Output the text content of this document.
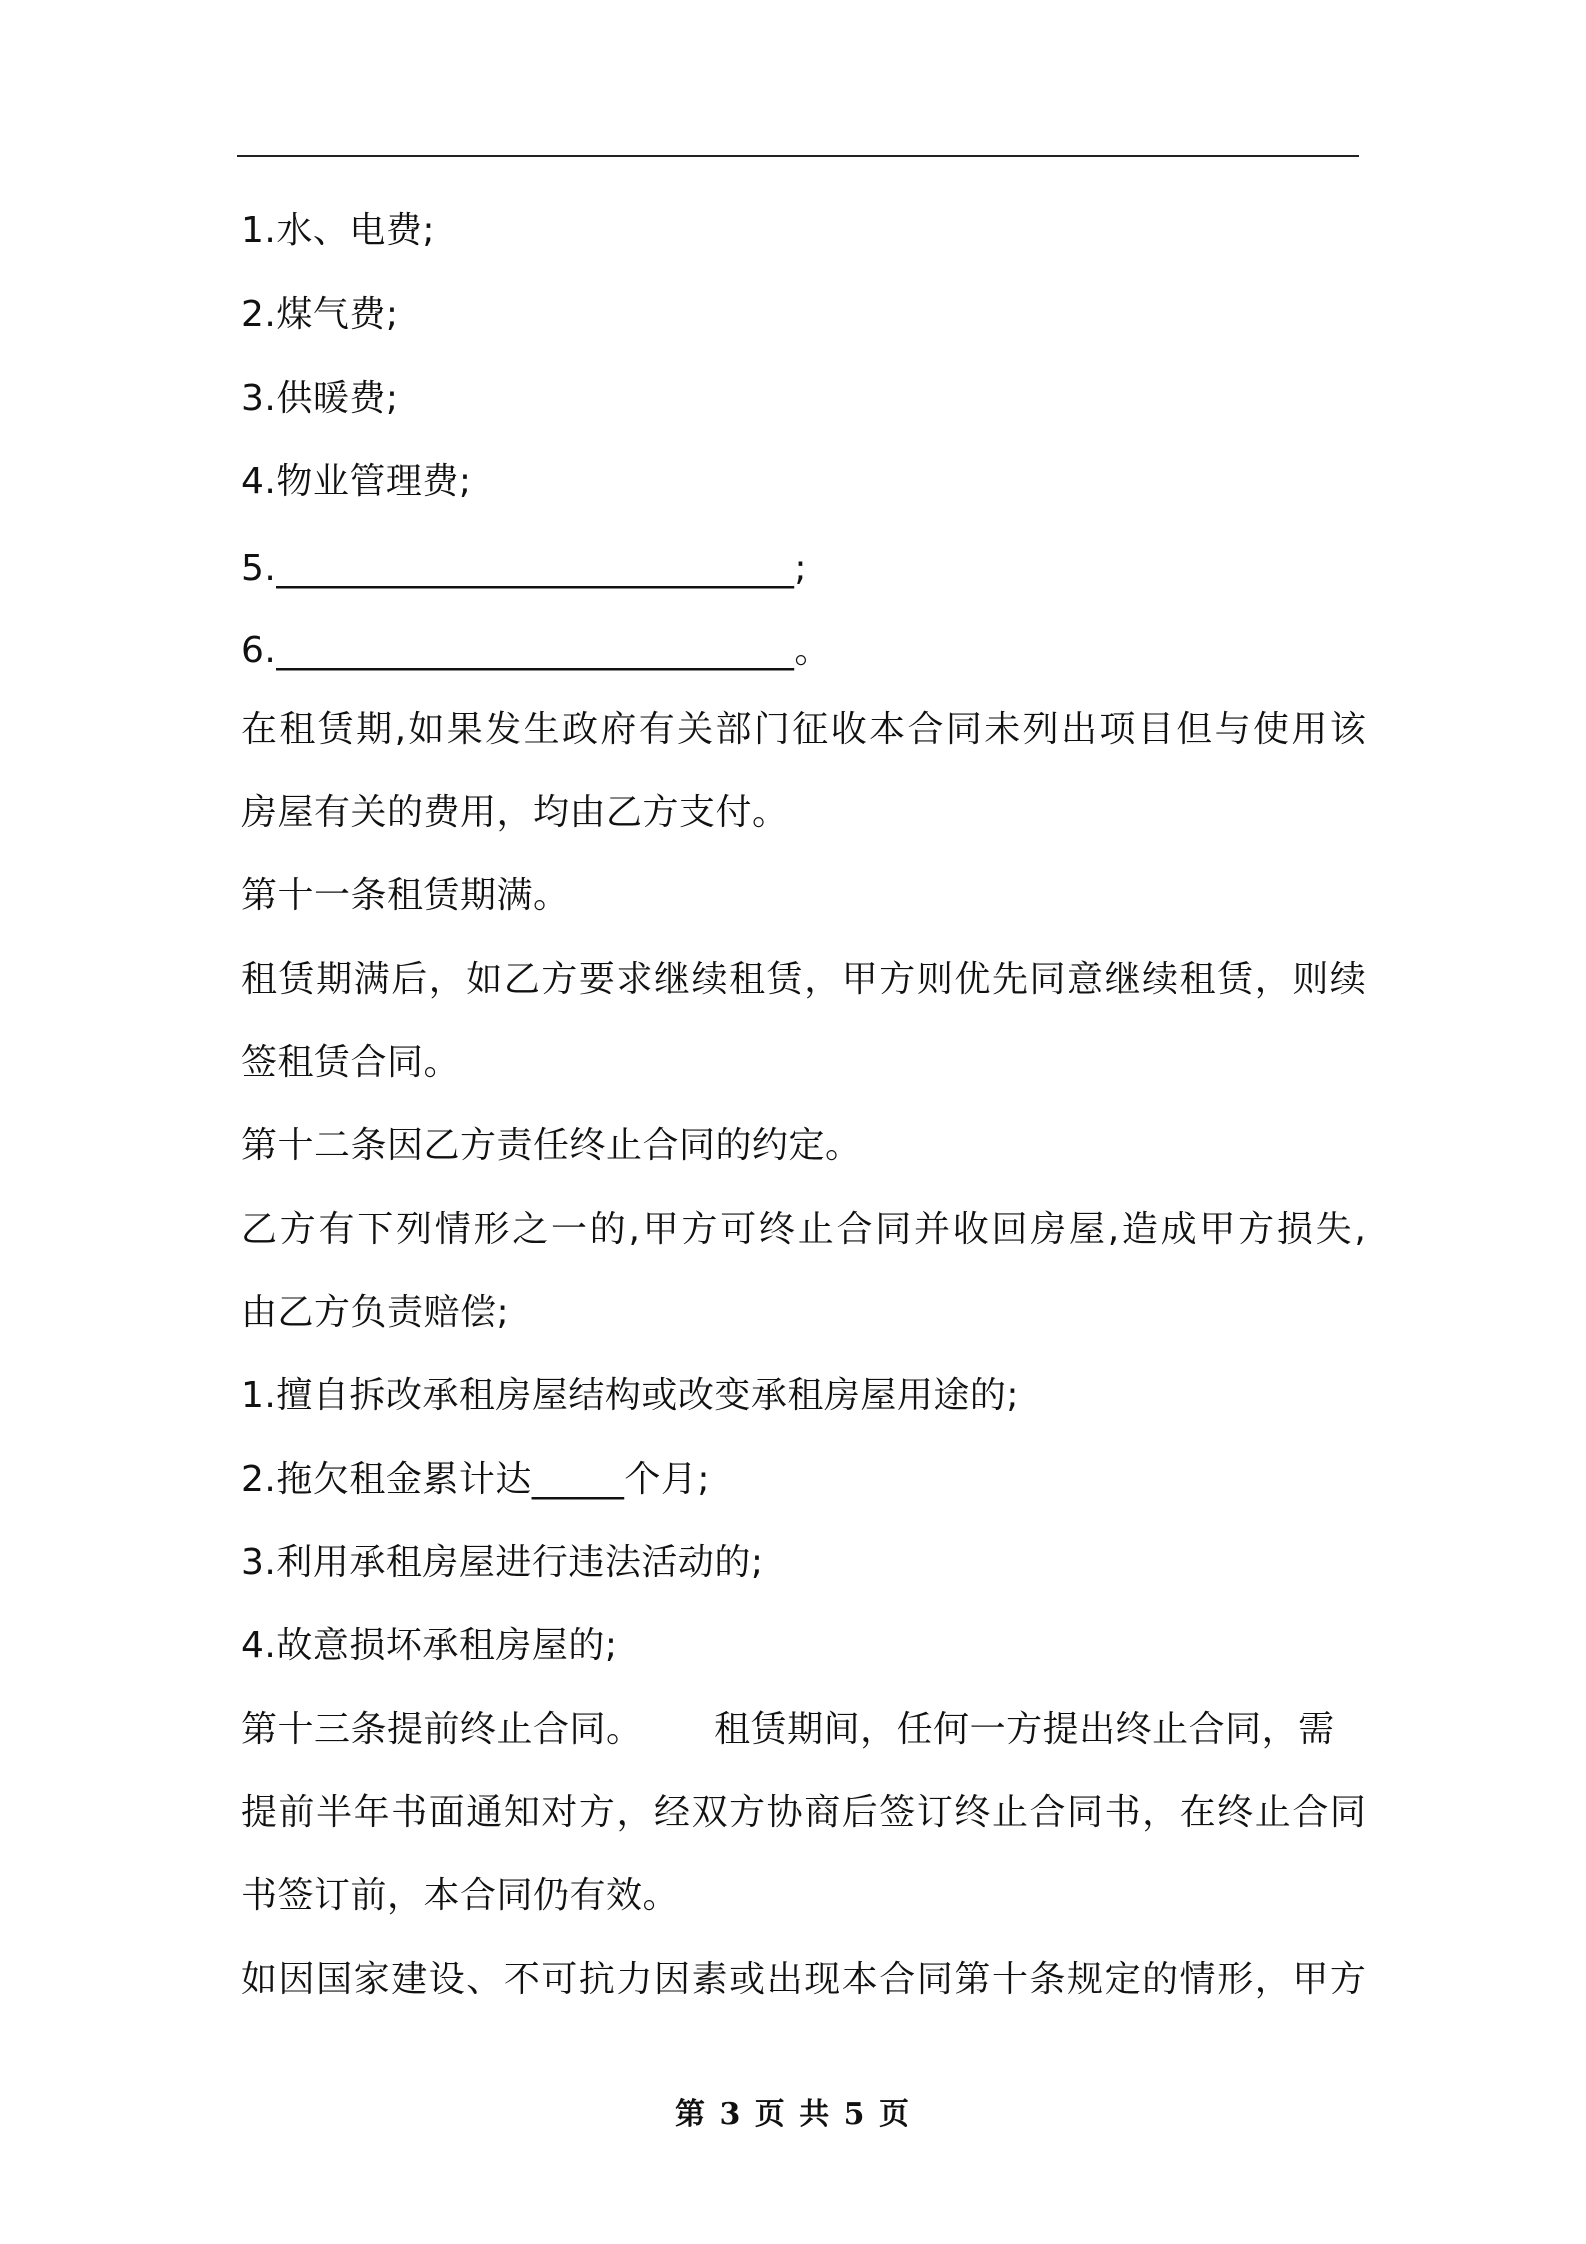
1.水、电费;
2.煤气费;
3.供暖费;
4.物业管理费;
5.____________________________;
6.____________________________。
在 租 赁 期 , 如 果 发 生 政 府 有 关 部 门 征 收 本 合 同 未 列 出 项 目 但 与 使 用 该
房屋有关的费用，均由乙方支付。
第十一条租赁期满。
租 赁 期 满 后 ， 如 乙 方 要 求 继 续 租 赁 ， 甲 方 则 优 先 同 意 继 续 租 赁 ， 则 续
签租赁合同。
第十二条因乙方责任终止合同的约定。
乙 方 有 下 列 情 形 之 一 的 , 甲 方 可 终 止 合 同 并 收 回 房 屋 , 造 成 甲 方 损 失 ,
由乙方负责赔偿;
1.擅自拆改承租房屋结构或改变承租房屋用途的;
2.拖欠租金累计达_____个月;
3.利用承租房屋进行违法活动的;
4.故意损坏承租房屋的;
第十三条提前终止合同。      租赁期间，任何一方提出终止合同，需
提 前 半 年 书 面 通 知 对 方 ， 经 双 方 协 商 后 签 订 终 止 合 同 书 ， 在 终 止 合 同
书签订前，本合同仍有效。
如 因 国 家 建 设 、 不 可 抗 力 因 素 或 出 现 本 合 同 第 十 条 规 定 的 情 形 ， 甲 方
第 3 页 共 5 页
